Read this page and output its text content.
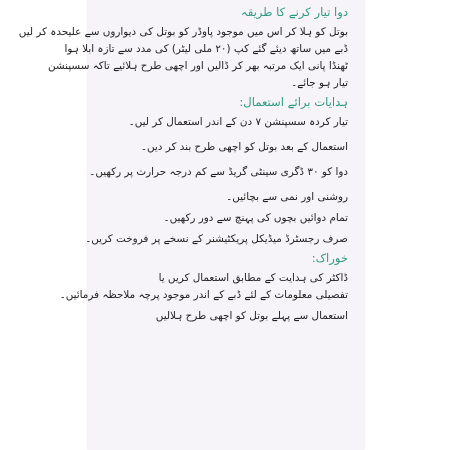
دوا تیار کرنے کا طریقہ
بوتل کو ہلا کر اس میں موجود پاوڈر کو بوتل کی دیواروں سے علیحدہ کر لیں
ڈبے میں ساتھ دیئے گئے کپ (۲۰ ملی لیٹر) کی مدد سے تازہ ابلا ہوا
ٹھنڈا پانی ایک مرتبہ بھر کر ڈالیں اور اچھی طرح ہلائیے تاکہ سسپنشن
تیار ہو جائے۔
ہدایات برائے استعمال:
تیار کردہ سسپنشن ۷ دن کے اندر استعمال کر لیں۔
استعمال کے بعد بوتل کو اچھی طرح بند کر دیں۔
دوا کو ۳۰ ڈگری سینٹی گریڈ سے کم درجہ حرارت پر رکھیں۔
روشنی اور نمی سے بچائیں۔
تمام دوائیں بچوں کی پہنچ سے دور رکھیں۔
صرف رجسٹرڈ میڈیکل پریکٹیشنر کے نسخے پر فروخت کریں۔
خوراک:
ڈاکٹر کی ہدایت کے مطابق استعمال کریں یا
تفصیلی معلومات کے لئے ڈبے کے اندر موجود پرچہ ملاحظہ فرمائیں۔
استعمال سے پہلے بوتل کو اچھی طرح ہلالیں
